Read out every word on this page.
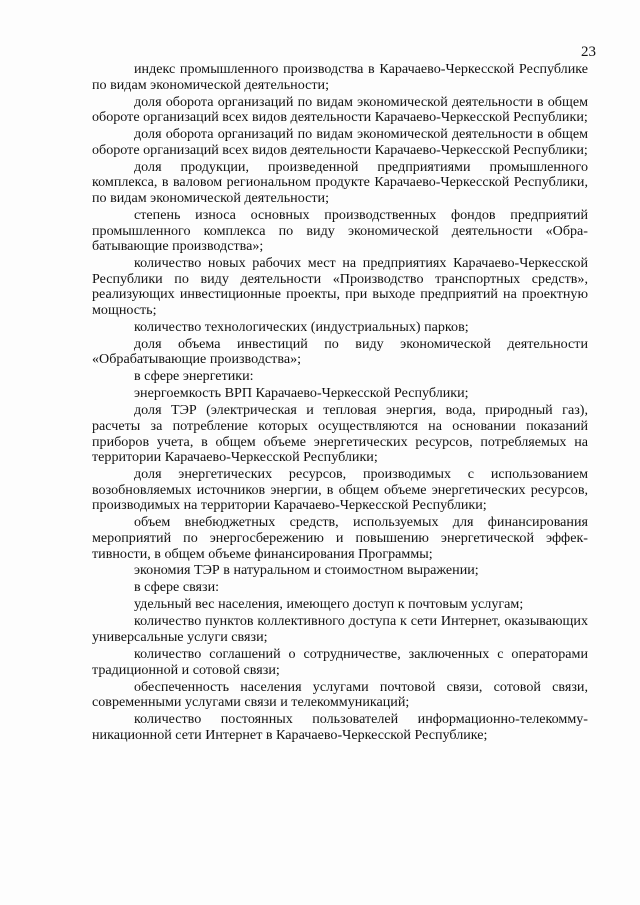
23

индекс промышленного производства в Карачаево-Черкесской Республике по видам экономической деятельности;

доля оборота организаций по видам экономической деятельности в общем обороте организаций всех видов деятельности Карачаево-Черкесской Республики;

доля оборота организаций по видам экономической деятельности в общем обороте организаций всех видов деятельности Карачаево-Черкесской Республики;

доля продукции, произведенной предприятиями промышленного комплекса, в валовом региональном продукте Карачаево-Черкесской Республики, по видам экономической деятельности;

степень износа основных производственных фондов предприятий промышленного комплекса по виду экономической деятельности «Обрабатывающие производства»;

количество новых рабочих мест на предприятиях Карачаево-Черкесской Республики по виду деятельности «Производство транспортных средств», реализующих инвестиционные проекты, при выходе предприятий на проектную мощность;

количество технологических (индустриальных) парков;

доля объема инвестиций по виду экономической деятельности «Обрабатывающие производства»;

в сфере энергетики:

энергоемкость ВРП Карачаево-Черкесской Республики;

доля ТЭР (электрическая и тепловая энергия, вода, природный газ), расчеты за потребление которых осуществляются на основании показаний приборов учета, в общем объеме энергетических ресурсов, потребляемых на территории Карачаево-Черкесской Республики;

доля энергетических ресурсов, производимых с использованием возобновляемых источников энергии, в общем объеме энергетических ресурсов, производимых на территории Карачаево-Черкесской Республики;

объем внебюджетных средств, используемых для финансирования мероприятий по энергосбережению и повышению энергетической эффективности, в общем объеме финансирования Программы;

экономия ТЭР в натуральном и стоимостном выражении;

в сфере связи:

удельный вес населения, имеющего доступ к почтовым услугам;

количество пунктов коллективного доступа к сети Интернет, оказывающих универсальные услуги связи;

количество соглашений о сотрудничестве, заключенных с операторами традиционной и сотовой связи;

обеспеченность населения услугами почтовой связи, сотовой связи, современными услугами связи и телекоммуникаций;

количество постоянных пользователей информационно-телекоммуникационной сети Интернет в Карачаево-Черкесской Республике;
